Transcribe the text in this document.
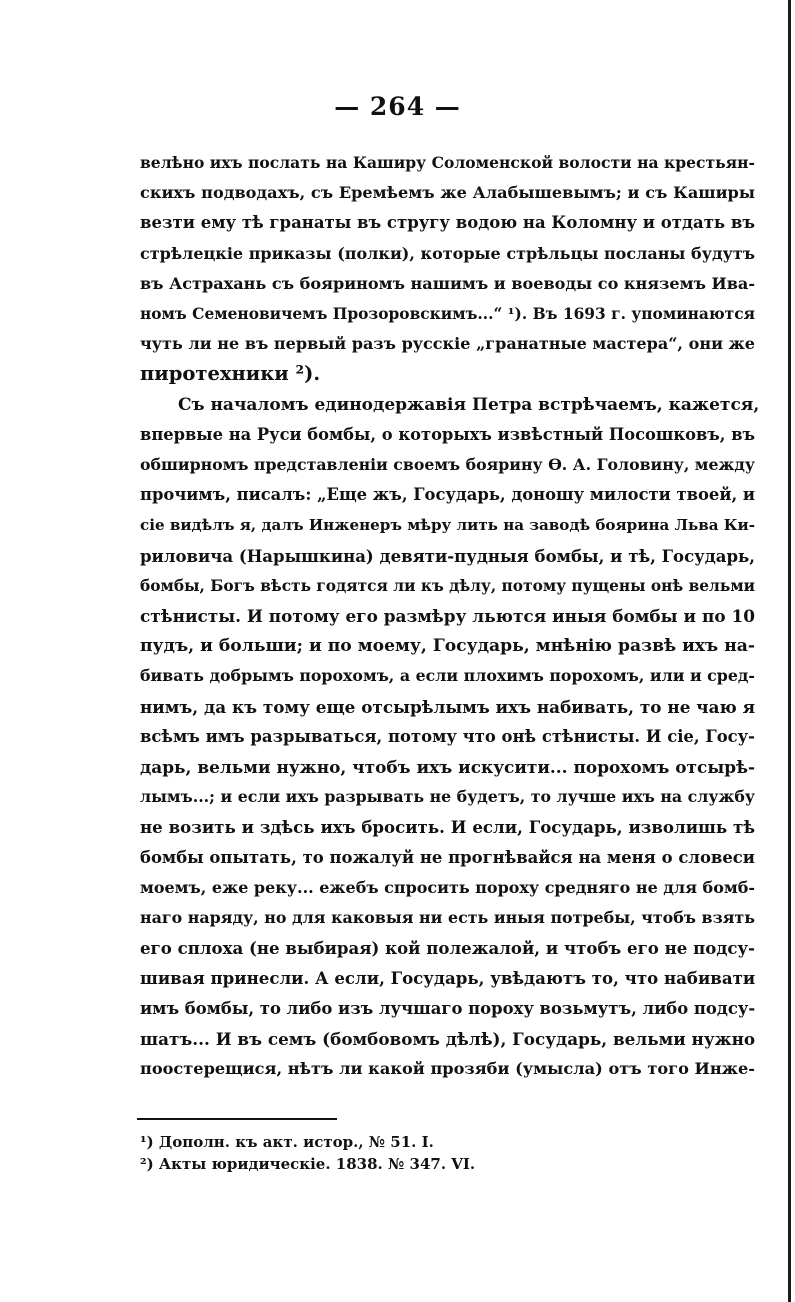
— 264 —
велѣно ихъ послать на Каширу Соломенской волости на крестьян-
скихъ подводахъ, съ Еремѣемъ же Алабышевымъ; и съ Каширы
везти ему тѣ гранаты въ стругу водою на Коломну и отдать въ
стрѣлецкіе приказы (полки), которые стрѣльцы посланы будутъ
въ Астрахань съ бояриномъ нашимъ и воеводы со княземъ Ива-
номъ Семеновичемъ Прозоровскимъ...“ ¹). Въ 1693 г. упоминаются
чуть ли не въ первый разъ русскіе „гранатные мастера“, они же
пиротехники ²).
Съ началомъ единодержавія Петра встрѣчаемъ, кажется,
впервые на Руси бомбы, о которыхъ извѣстный Посошковъ, въ
обширномъ представленіи своемъ боярину Ѳ. А. Головину, между
прочимъ, писалъ: „Еще жъ, Государь, доношу милости твоей, и
сіе видѣлъ я, далъ Инженеръ мѣру лить на заводѣ боярина Льва Ки-
риловича (Нарышкина) девяти-пудныя бомбы, и тѣ, Государь,
бомбы, Богъ вѣсть годятся ли къ дѣлу, потому пущены онѣ вельми
стѣнисты. И потому его размѣру льются иныя бомбы и по 10
пудъ, и больши; и по моему, Государь, мнѣнію развѣ ихъ на-
бивать добрымъ порохомъ, а если плохимъ порохомъ, или и сред-
нимъ, да къ тому еще отсырѣлымъ ихъ набивать, то не чаю я
всѣмъ имъ разрываться, потому что онѣ стѣнисты. И сіе, Госу-
дарь, вельми нужно, чтобъ ихъ искусити... порохомъ отсырѣ-
лымъ...; и если ихъ разрывать не будетъ, то лучше ихъ на службу
не возить и здѣсь ихъ бросить. И если, Государь, изволишь тѣ
бомбы опытать, то пожалуй не прогнѣвайся на меня о словеси
моемъ, еже реку... ежебъ спросить пороху средняго не для бомб-
наго наряду, но для каковыя ни есть иныя потребы, чтобъ взять
его сплоха (не выбирая) кой полежалой, и чтобъ его не подсу-
шивая принесли. А если, Государь, увѣдаютъ то, что набивати
имъ бомбы, то либо изъ лучшаго пороху возьмутъ, либо подсу-
шатъ... И въ семъ (бомбовомъ дѣлѣ), Государь, вельми нужно
поостерещися, нѣтъ ли какой прозяби (умысла) отъ того Инже-
¹) Дополн. къ акт. истор., № 51. I.
²) Акты юридическіе. 1838. № 347. VI.
